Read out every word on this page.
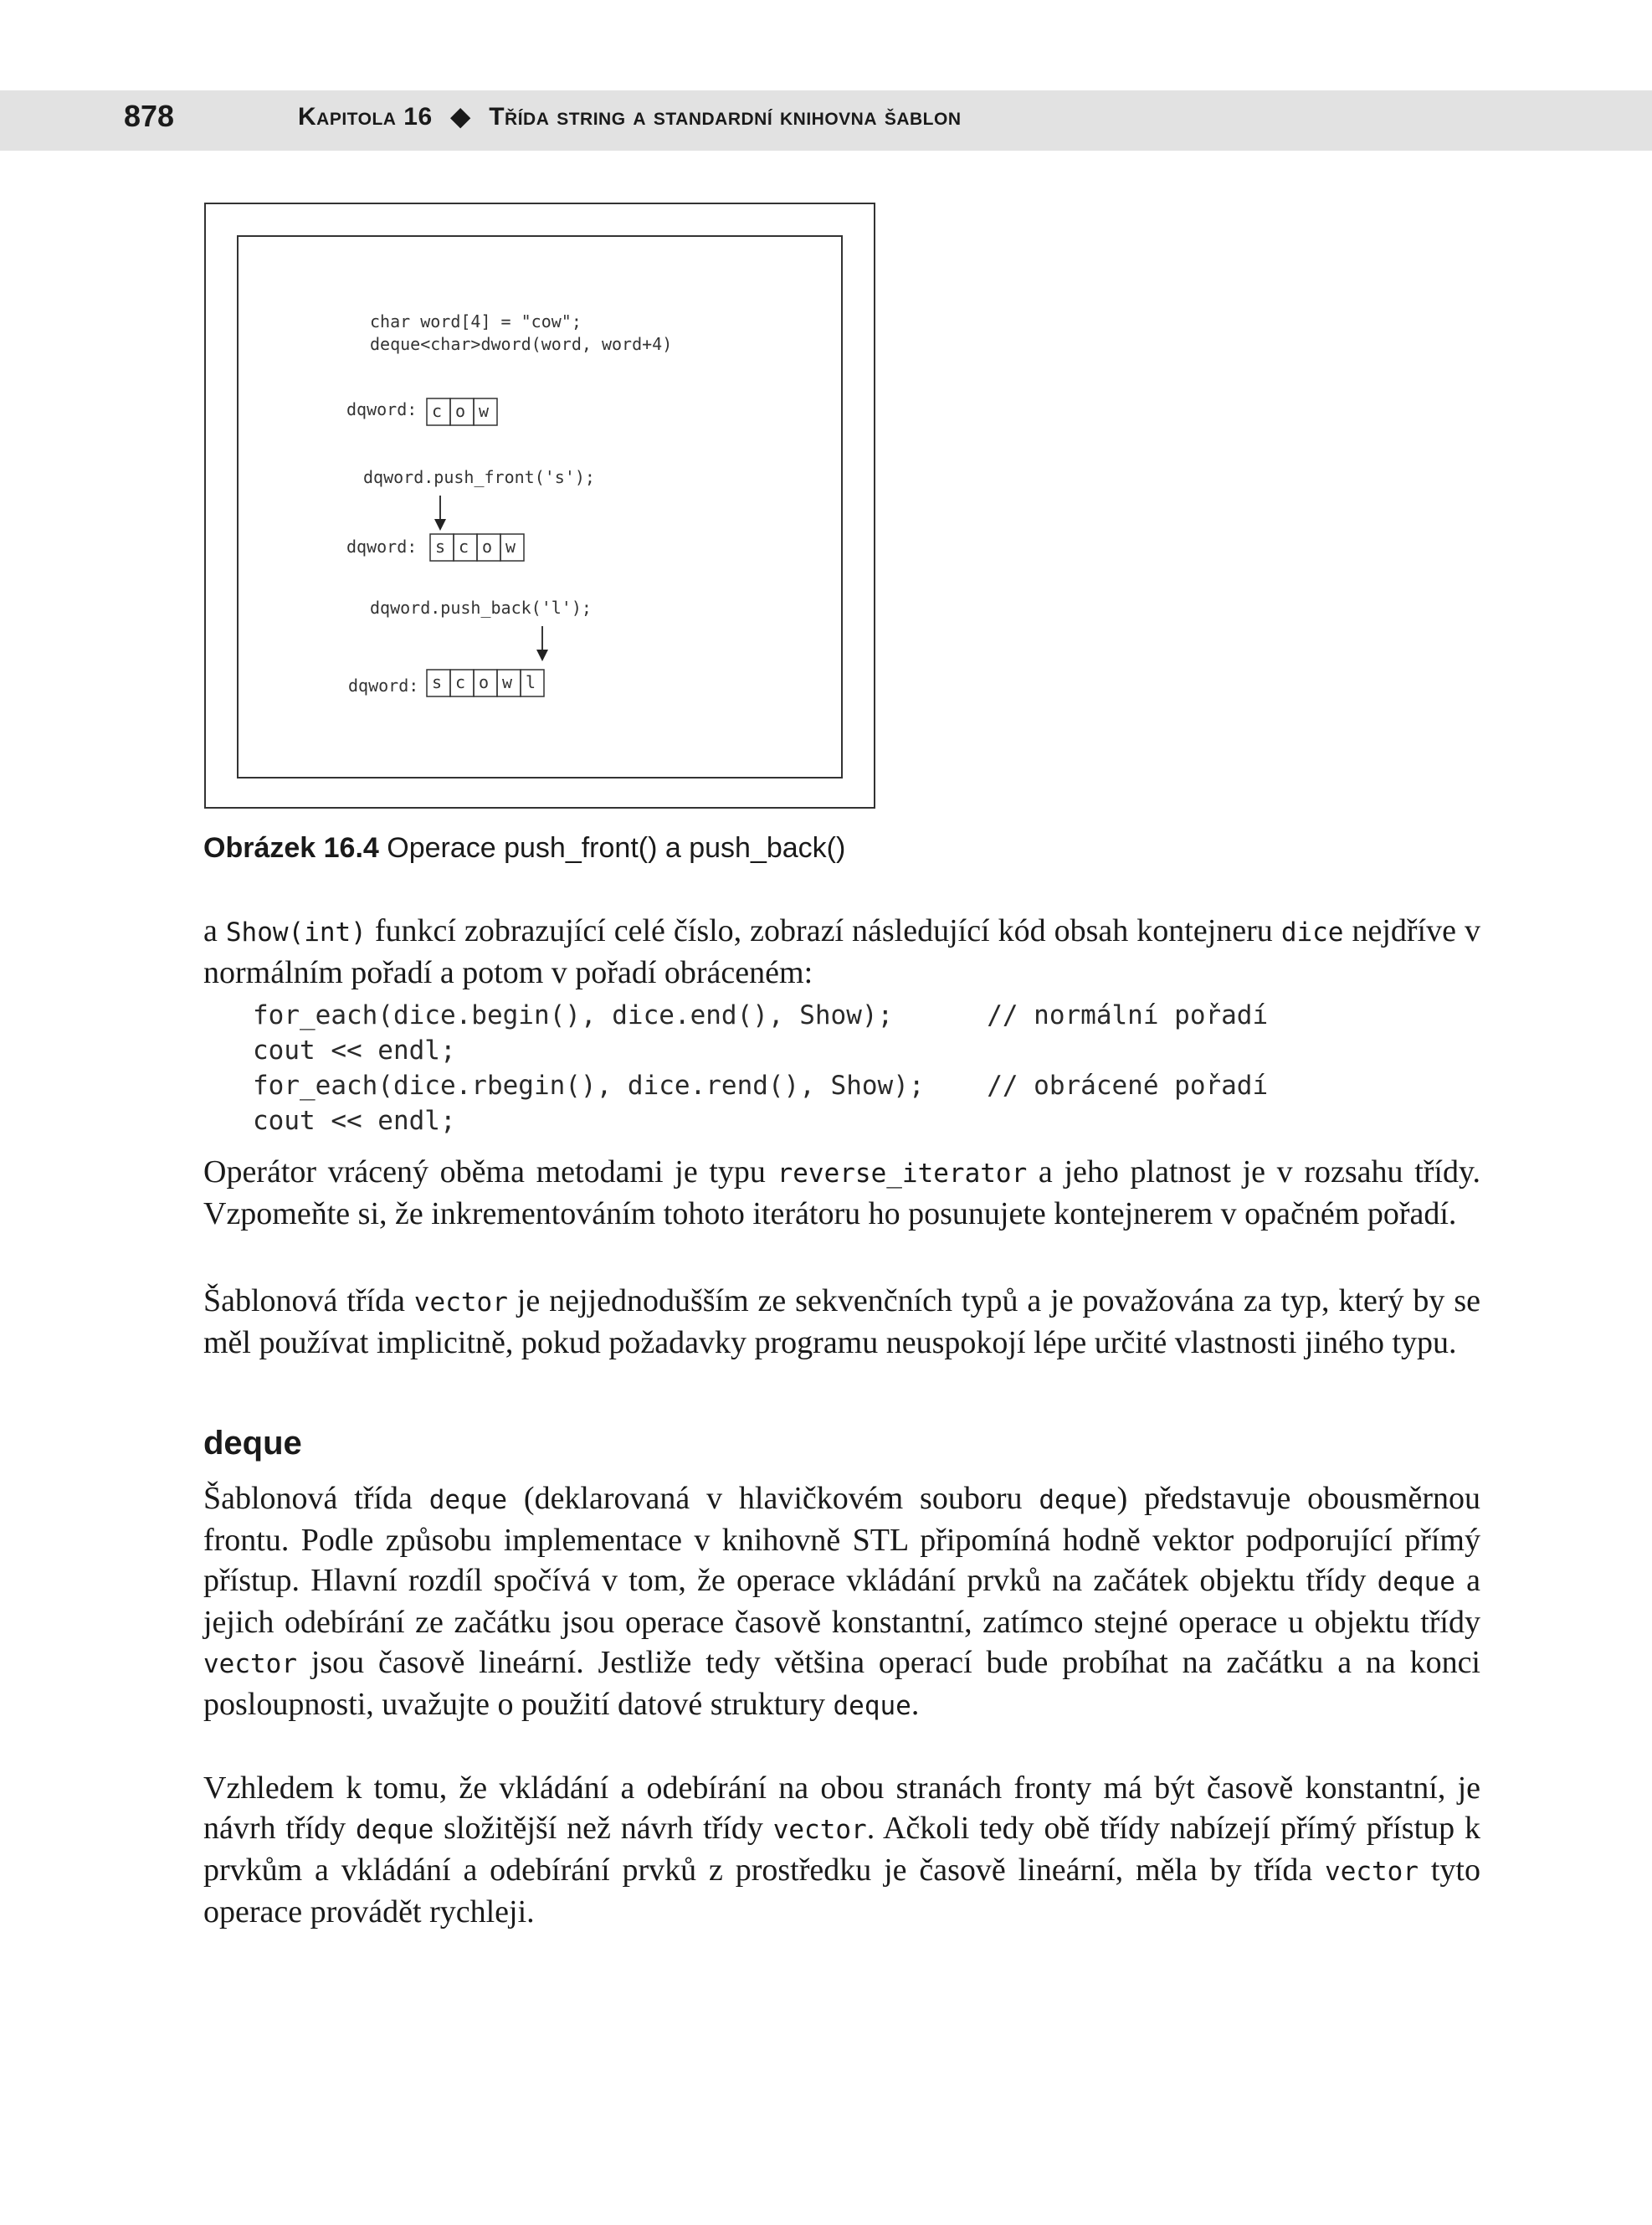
878	Kapitola 16 ◆ Třída string a standardní knihovna šablon
char word[4] = "cow";
deque<char>dword(word, word+4)
dqword: c o w
dqword.push_front('s');
dqword: s c o w
dqword.push_back('l');
dqword: s c o w l
Obrázek 16.4 Operace push_front() a push_back()
a Show(int) funkcí zobrazující celé číslo, zobrazí následující kód obsah kontejneru dice nejdříve v normálním pořadí a potom v pořadí obráceném:
for_each(dice.begin(), dice.end(), Show);      // normální pořadí
cout << endl;
for_each(dice.rbegin(), dice.rend(), Show);    // obrácené pořadí
cout << endl;
Operátor vrácený oběma metodami je typu reverse_iterator a jeho platnost je v rozsahu třídy. Vzpomeňte si, že inkrementováním tohoto iterátoru ho posunujete kontejnerem v opačném pořadí.
Šablonová třída vector je nejjednodušším ze sekvenčních typů a je považována za typ, který by se měl používat implicitně, pokud požadavky programu neuspokojí lépe určité vlastnosti jiného typu.
deque
Šablonová třída deque (deklarovaná v hlavičkovém souboru deque) představuje obousměrnou frontu. Podle způsobu implementace v knihovně STL připomíná hodně vektor podporující přímý přístup. Hlavní rozdíl spočívá v tom, že operace vkládání prvků na začátek objektu třídy deque a jejich odebírání ze začátku jsou operace časově konstantní, zatímco stejné operace u objektu třídy vector jsou časově lineární. Jestliže tedy většina operací bude probíhat na začátku a na konci posloupnosti, uvažujte o použití datové struktury deque.
Vzhledem k tomu, že vkládání a odebírání na obou stranách fronty má být časově konstantní, je návrh třídy deque složitější než návrh třídy vector. Ačkoli tedy obě třídy nabízejí přímý přístup k prvkům a vkládání a odebírání prvků z prostředku je časově lineární, měla by třída vector tyto operace provádět rychleji.
